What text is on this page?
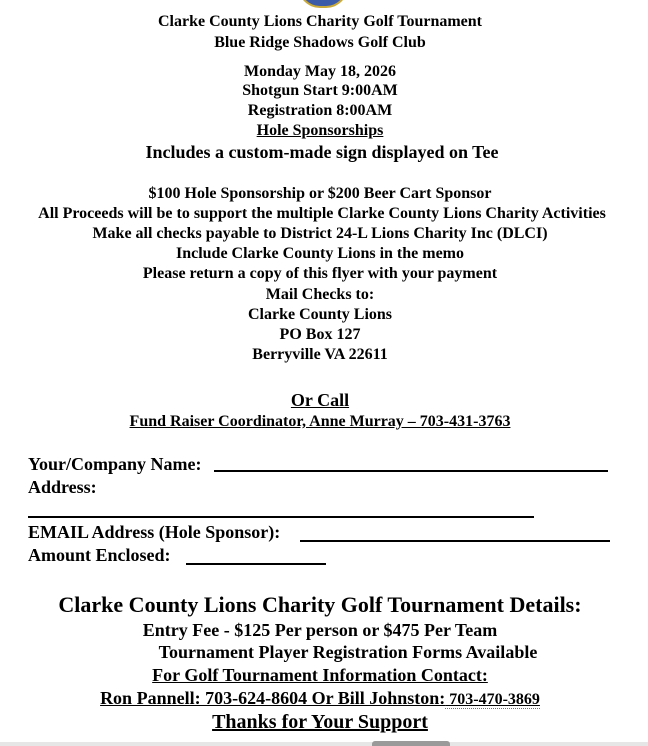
Clarke County Lions Charity Golf Tournament
Blue Ridge Shadows Golf Club
Monday May 18, 2026
Shotgun Start 9:00AM
Registration 8:00AM
Hole Sponsorships
Includes a custom-made sign displayed on Tee
$100 Hole Sponsorship or $200 Beer Cart Sponsor
All Proceeds will be to support the multiple Clarke County Lions Charity Activities
Make all checks payable to District 24-L Lions Charity Inc (DLCI)
Include Clarke County Lions in the memo
Please return a copy of this flyer with your payment
Mail Checks to:
Clarke County Lions
PO Box 127
Berryville VA 22611
Or Call
Fund Raiser Coordinator, Anne Murray – 703-431-3763
Your/Company Name:
Address:
EMAIL Address (Hole Sponsor):
Amount Enclosed:
Clarke County Lions Charity Golf Tournament Details:
Entry Fee - $125 Per person or $475 Per Team
Tournament Player Registration Forms Available
For Golf Tournament Information Contact:
Ron Pannell: 703-624-8604 Or Bill Johnston: 703-470-3869
Thanks for Your Support
